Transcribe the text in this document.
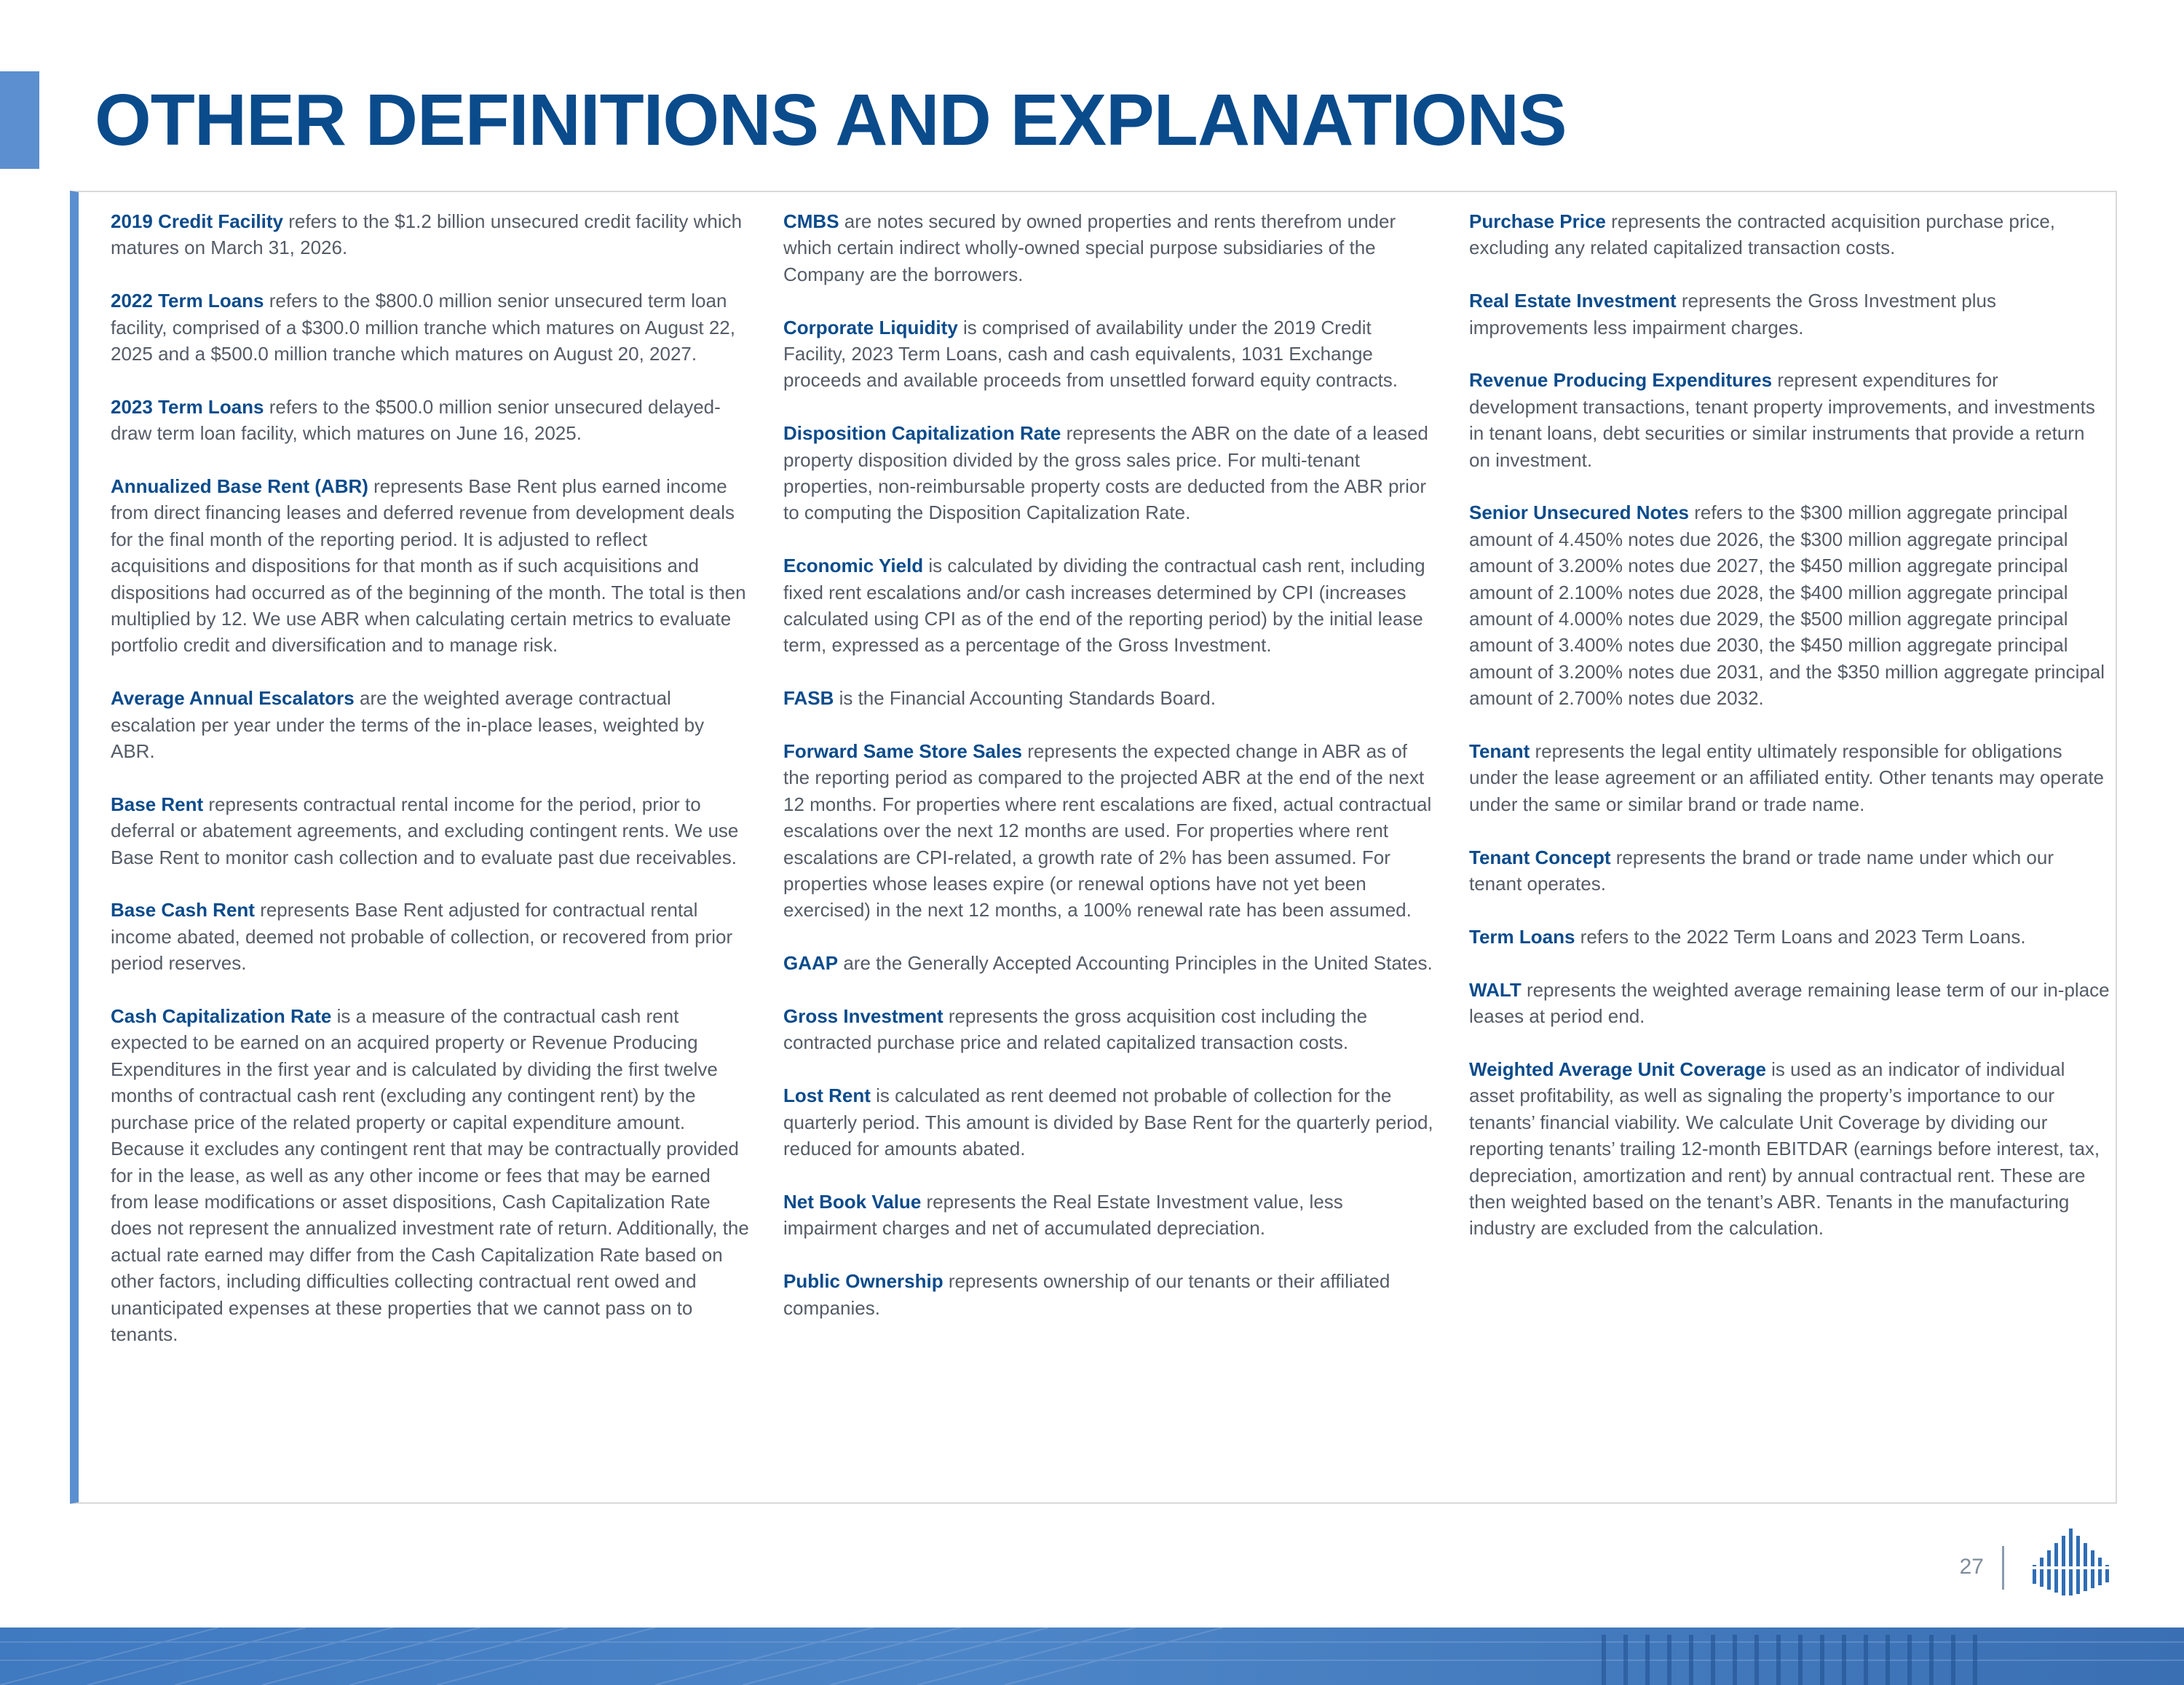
OTHER DEFINITIONS AND EXPLANATIONS

2019 Credit Facility refers to the $1.2 billion unsecured credit facility which matures on March 31, 2026.

2022 Term Loans refers to the $800.0 million senior unsecured term loan facility, comprised of a $300.0 million tranche which matures on August 22, 2025 and a $500.0 million tranche which matures on August 20, 2027.

2023 Term Loans refers to the $500.0 million senior unsecured delayed-draw term loan facility, which matures on June 16, 2025.

Annualized Base Rent (ABR) represents Base Rent plus earned income from direct financing leases and deferred revenue from development deals for the final month of the reporting period. It is adjusted to reflect acquisitions and dispositions for that month as if such acquisitions and dispositions had occurred as of the beginning of the month. The total is then multiplied by 12. We use ABR when calculating certain metrics to evaluate portfolio credit and diversification and to manage risk.

Average Annual Escalators are the weighted average contractual escalation per year under the terms of the in-place leases, weighted by ABR.

Base Rent represents contractual rental income for the period, prior to deferral or abatement agreements, and excluding contingent rents. We use Base Rent to monitor cash collection and to evaluate past due receivables.

Base Cash Rent represents Base Rent adjusted for contractual rental income abated, deemed not probable of collection, or recovered from prior period reserves.

Cash Capitalization Rate is a measure of the contractual cash rent expected to be earned on an acquired property or Revenue Producing Expenditures in the first year and is calculated by dividing the first twelve months of contractual cash rent (excluding any contingent rent) by the purchase price of the related property or capital expenditure amount. Because it excludes any contingent rent that may be contractually provided for in the lease, as well as any other income or fees that may be earned from lease modifications or asset dispositions, Cash Capitalization Rate does not represent the annualized investment rate of return. Additionally, the actual rate earned may differ from the Cash Capitalization Rate based on other factors, including difficulties collecting contractual rent owed and unanticipated expenses at these properties that we cannot pass on to tenants.

CMBS are notes secured by owned properties and rents therefrom under which certain indirect wholly-owned special purpose subsidiaries of the Company are the borrowers.

Corporate Liquidity is comprised of availability under the 2019 Credit Facility, 2023 Term Loans, cash and cash equivalents, 1031 Exchange proceeds and available proceeds from unsettled forward equity contracts.

Disposition Capitalization Rate represents the ABR on the date of a leased property disposition divided by the gross sales price. For multi-tenant properties, non-reimbursable property costs are deducted from the ABR prior to computing the Disposition Capitalization Rate.

Economic Yield is calculated by dividing the contractual cash rent, including fixed rent escalations and/or cash increases determined by CPI (increases calculated using CPI as of the end of the reporting period) by the initial lease term, expressed as a percentage of the Gross Investment.

FASB is the Financial Accounting Standards Board.

Forward Same Store Sales represents the expected change in ABR as of the reporting period as compared to the projected ABR at the end of the next 12 months. For properties where rent escalations are fixed, actual contractual escalations over the next 12 months are used. For properties where rent escalations are CPI-related, a growth rate of 2% has been assumed. For properties whose leases expire (or renewal options have not yet been exercised) in the next 12 months, a 100% renewal rate has been assumed.

GAAP are the Generally Accepted Accounting Principles in the United States.

Gross Investment represents the gross acquisition cost including the contracted purchase price and related capitalized transaction costs.

Lost Rent is calculated as rent deemed not probable of collection for the quarterly period. This amount is divided by Base Rent for the quarterly period, reduced for amounts abated.

Net Book Value represents the Real Estate Investment value, less impairment charges and net of accumulated depreciation.

Public Ownership represents ownership of our tenants or their affiliated companies.

Purchase Price represents the contracted acquisition purchase price, excluding any related capitalized transaction costs.

Real Estate Investment represents the Gross Investment plus improvements less impairment charges.

Revenue Producing Expenditures represent expenditures for development transactions, tenant property improvements, and investments in tenant loans, debt securities or similar instruments that provide a return on investment.

Senior Unsecured Notes refers to the $300 million aggregate principal amount of 4.450% notes due 2026, the $300 million aggregate principal amount of 3.200% notes due 2027, the $450 million aggregate principal amount of 2.100% notes due 2028, the $400 million aggregate principal amount of 4.000% notes due 2029, the $500 million aggregate principal amount of 3.400% notes due 2030, the $450 million aggregate principal amount of 3.200% notes due 2031, and the $350 million aggregate principal amount of 2.700% notes due 2032.

Tenant represents the legal entity ultimately responsible for obligations under the lease agreement or an affiliated entity. Other tenants may operate under the same or similar brand or trade name.

Tenant Concept represents the brand or trade name under which our tenant operates.

Term Loans refers to the 2022 Term Loans and 2023 Term Loans.

WALT represents the weighted average remaining lease term of our in-place leases at period end.

Weighted Average Unit Coverage is used as an indicator of individual asset profitability, as well as signaling the property’s importance to our tenants’ financial viability. We calculate Unit Coverage by dividing our reporting tenants’ trailing 12-month EBITDAR (earnings before interest, tax, depreciation, amortization and rent) by annual contractual rent. These are then weighted based on the tenant’s ABR. Tenants in the manufacturing industry are excluded from the calculation.

27
